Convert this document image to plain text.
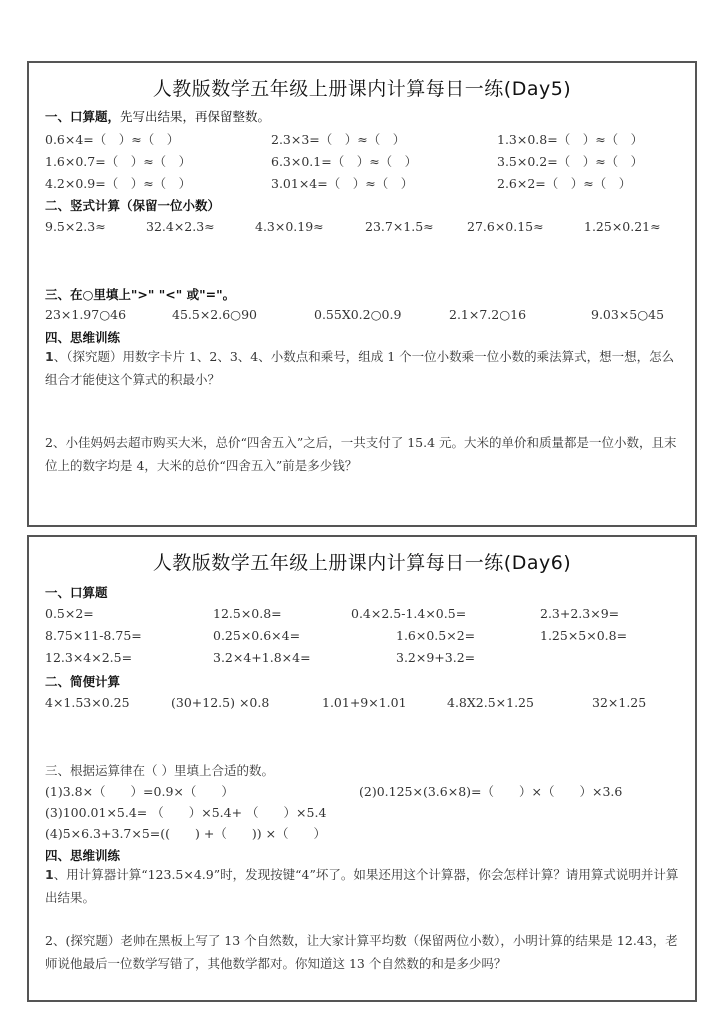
人教版数学五年级上册课内计算每日一练(Day5)
一、口算题，先写出结果，再保留整数。
0.6×4=（　）≈（　）	2.3×3=（　）≈（　）	1.3×0.8=（　）≈（　）
1.6×0.7=（　）≈（　）	6.3×0.1=（　）≈（　）	3.5×0.2=（　）≈（　）
4.2×0.9=（　）≈（　）	3.01×4=（　）≈（　）	2.6×2=（　）≈（　）
二、竖式计算（保留一位小数）
9.5×2.3≈	32.4×2.3≈	4.3×0.19≈	23.7×1.5≈	27.6×0.15≈	1.25×0.21≈
三、在○里填上">" "<" 或"="。
23×1.97○46	45.5×2.6○90	0.55X0.2○0.9	2.1×7.2○16	9.03×5○45
四、思维训练
1、（探究题）用数字卡片 1、2、3、4、小数点和乘号，组成 1 个一位小数乘一位小数的乘法算式，想一想，怎么组合才能使这个算式的积最小？
2、小佳妈妈去超市购买大米，总价“四舍五入”之后，一共支付了 15.4 元。大米的单价和质量都是一位小数，且末位上的数字均是 4，大米的总价“四舍五入”前是多少钱？
人教版数学五年级上册课内计算每日一练(Day6)
一、口算题
0.5×2=	12.5×0.8=	0.4×2.5-1.4×0.5=	2.3+2.3×9=
8.75×11-8.75=	0.25×0.6×4=	1.6×0.5×2=	1.25×5×0.8=
12.3×4×2.5=	3.2×4+1.8×4=	3.2×9+3.2=
二、简便计算
4×1.53×0.25	(30+12.5) ×0.8	1.01+9×1.01	4.8X2.5×1.25	32×1.25
三、根据运算律在（ ）里填上合适的数。
(1)3.8×（　　）=0.9×（　　）	(2)0.125×(3.6×8)=（　　）×（　　）×3.6
(3)100.01×5.4= （　　）×5.4+ （　　）×5.4
(4)5×6.3+3.7×5=((　　) +（　　)) ×（　　）
四、思维训练
1、用计算器计算“123.5×4.9”时，发现按键“4”坏了。如果还用这个计算器，你会怎样计算？请用算式说明并计算出结果。
2、(探究题）老帅在黑板上写了 13 个自然数，让大家计算平均数（保留两位小数），小明计算的结果是 12.43，老师说他最后一位数学写错了，其他数学都对。你知道这 13 个自然数的和是多少吗？
